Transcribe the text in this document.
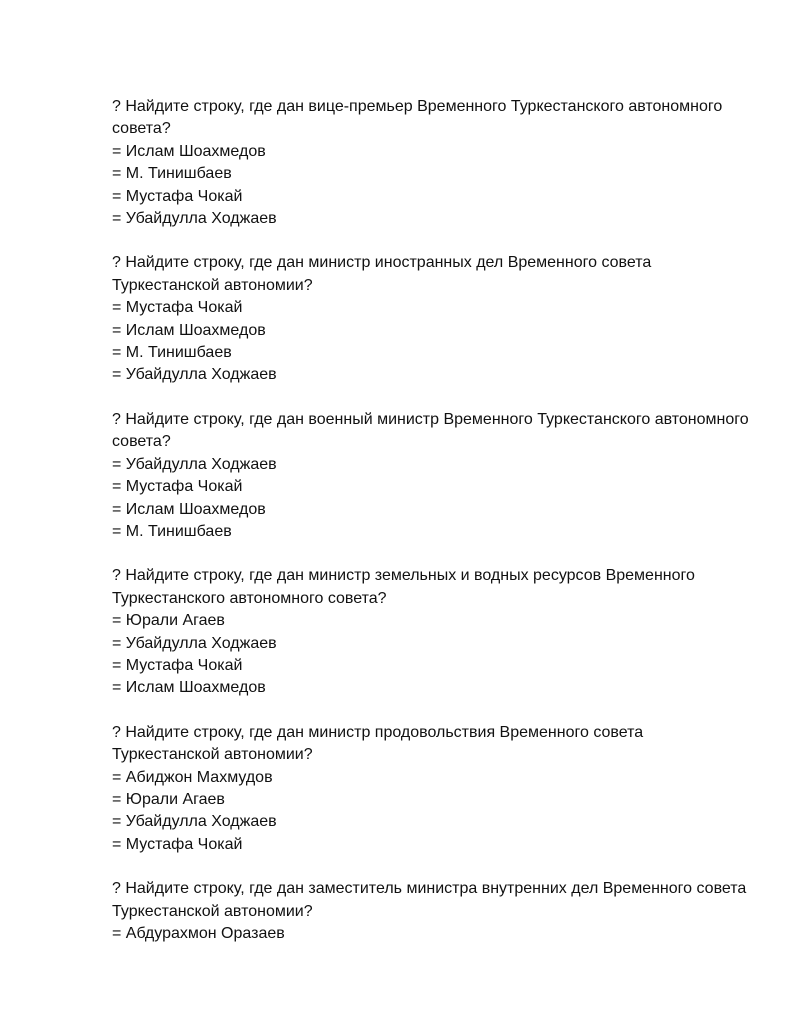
? Найдите строку, где дан вице-премьер Временного Туркестанского автономного совета?

= Ислам Шоахмедов

= М. Тинишбаев

= Мустафа Чокай

= Убайдулла Ходжаев

? Найдите строку, где дан министр иностранных дел Временного совета Туркестанской автономии?

= Мустафа Чокай

= Ислам Шоахмедов

= М. Тинишбаев

= Убайдулла Ходжаев

? Найдите строку, где дан военный министр Временного Туркестанского автономного совета?

= Убайдулла Ходжаев

= Мустафа Чокай

= Ислам Шоахмедов

= М. Тинишбаев

? Найдите строку, где дан министр земельных и водных ресурсов Временного Туркестанского автономного совета?

= Юрали Агаев

= Убайдулла Ходжаев

= Мустафа Чокай

= Ислам Шоахмедов

? Найдите строку, где дан министр продовольствия Временного совета Туркестанской автономии?

= Абиджон Махмудов

= Юрали Агаев

= Убайдулла Ходжаев

= Мустафа Чокай

? Найдите строку, где дан заместитель министра внутренних дел Временного совета Туркестанской автономии?

= Абдурахмон Оразаев
